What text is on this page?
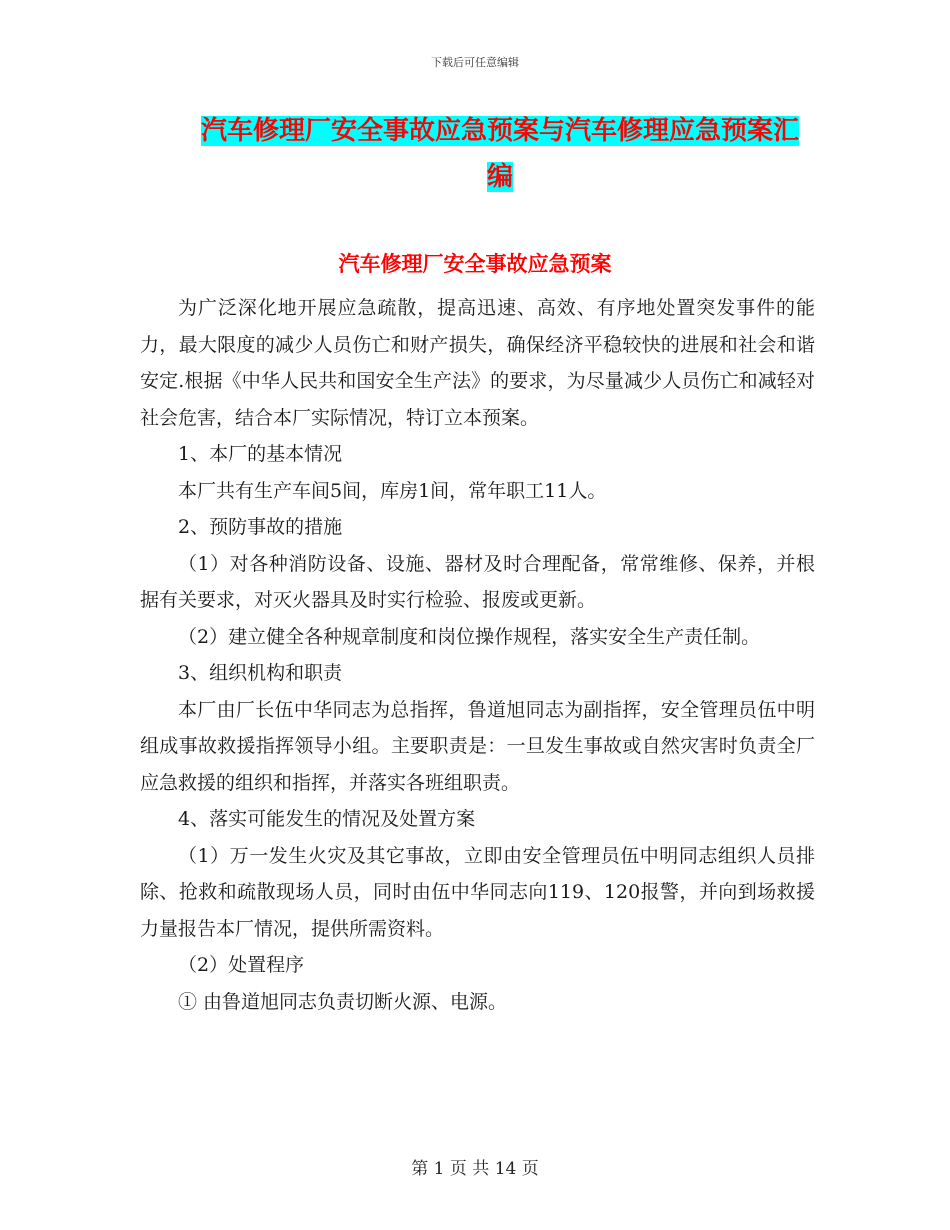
下载后可任意编辑
汽车修理厂安全事故应急预案与汽车修理应急预案汇编
汽车修理厂安全事故应急预案

为广泛深化地开展应急疏散，提高迅速、高效、有序地处置突发事件的能力，最大限度的减少人员伤亡和财产损失，确保经济平稳较快的进展和社会和谐安定.根据《中华人民共和国安全生产法》的要求，为尽量减少人员伤亡和减轻对社会危害，结合本厂实际情况，特订立本预案。

1、本厂的基本情况

本厂共有生产车间5间，库房1间，常年职工11人。

2、预防事故的措施

（1）对各种消防设备、设施、器材及时合理配备，常常维修、保养，并根据有关要求，对灭火器具及时实行检验、报废或更新。

（2）建立健全各种规章制度和岗位操作规程，落实安全生产责任制。

3、组织机构和职责

本厂由厂长伍中华同志为总指挥，鲁道旭同志为副指挥，安全管理员伍中明组成事故救援指挥领导小组。主要职责是：一旦发生事故或自然灾害时负责全厂应急救援的组织和指挥，并落实各班组职责。

4、落实可能发生的情况及处置方案

（1）万一发生火灾及其它事故，立即由安全管理员伍中明同志组织人员排除、抢救和疏散现场人员，同时由伍中华同志向119、120报警，并向到场救援力量报告本厂情况，提供所需资料。

（2）处置程序

① 由鲁道旭同志负责切断火源、电源。

第 1 页 共 14 页
